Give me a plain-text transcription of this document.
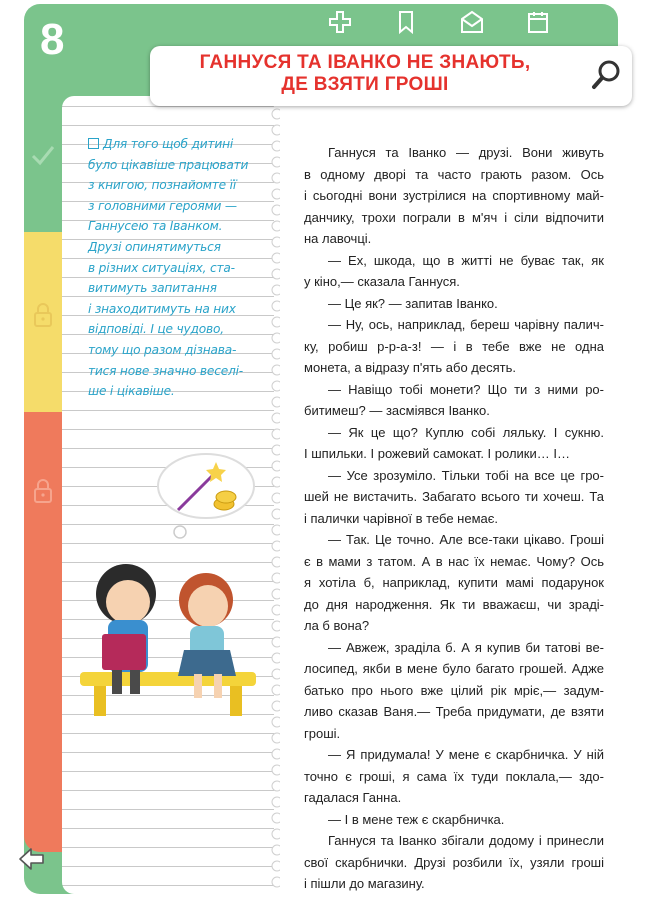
8
Для того щоб дитині
було цікавіше працювати
з книгою, познайомте її
з головними героями —
Ганнусею та Іванком.
Друзі опинятимуться
в різних ситуаціях, ста-
витимуть запитання
і знаходитимуть на них
відповіді. І це чудово,
тому що разом дізнава-
тися нове значно веселі-
ше і цікавіше.
ГАННУСЯ ТА ІВАНКО НЕ ЗНАЮТЬ,
ДЕ ВЗЯТИ ГРОШІ
Ганнуся та Іванко — друзі. Вони живуть
в одному дворі та часто грають разом. Ось
і сьогодні вони зустрілися на спортивному май-
данчику, трохи пограли в м'яч і сіли відпочити
на лавочці.
— Ех, шкода, що в житті не буває так, як
у кіно,— сказала Ганнуся.
— Це як? — запитав Іванко.
— Ну, ось, наприклад, береш чарівну палич-
ку, робиш р-р-а-з! — і в тебе вже не одна
монета, а відразу п'ять або десять.
— Навіщо тобі монети? Що ти з ними ро-
битимеш? — засміявся Іванко.
— Як це що? Куплю собі ляльку. І сукню.
І шпильки. І рожевий самокат. І ролики… І…
— Усе зрозуміло. Тільки тобі на все це гро-
шей не вистачить. Забагато всього ти хочеш. Та
і палички чарівної в тебе немає.
— Так. Це точно. Але все-таки цікаво. Гроші
є в мами з татом. А в нас їх немає. Чому? Ось
я хотіла б, наприклад, купити мамі подарунок
до дня народження. Як ти вважаєш, чи зраді-
ла б вона?
— Авжеж, зраділа б. А я купив би татові ве-
лосипед, якби в мене було багато грошей. Адже
батько про нього вже цілий рік мріє,— задум-
ливо сказав Ваня.— Треба придумати, де взяти
гроші.
— Я придумала! У мене є скарбничка. У ній
точно є гроші, я сама їх туди поклала,— здо-
гадалася Ганна.
— І в мене теж є скарбничка.
Ганнуся та Іванко збігали додому і принесли
свої скарбнички. Друзі розбили їх, узяли гроші
і пішли до магазину.
